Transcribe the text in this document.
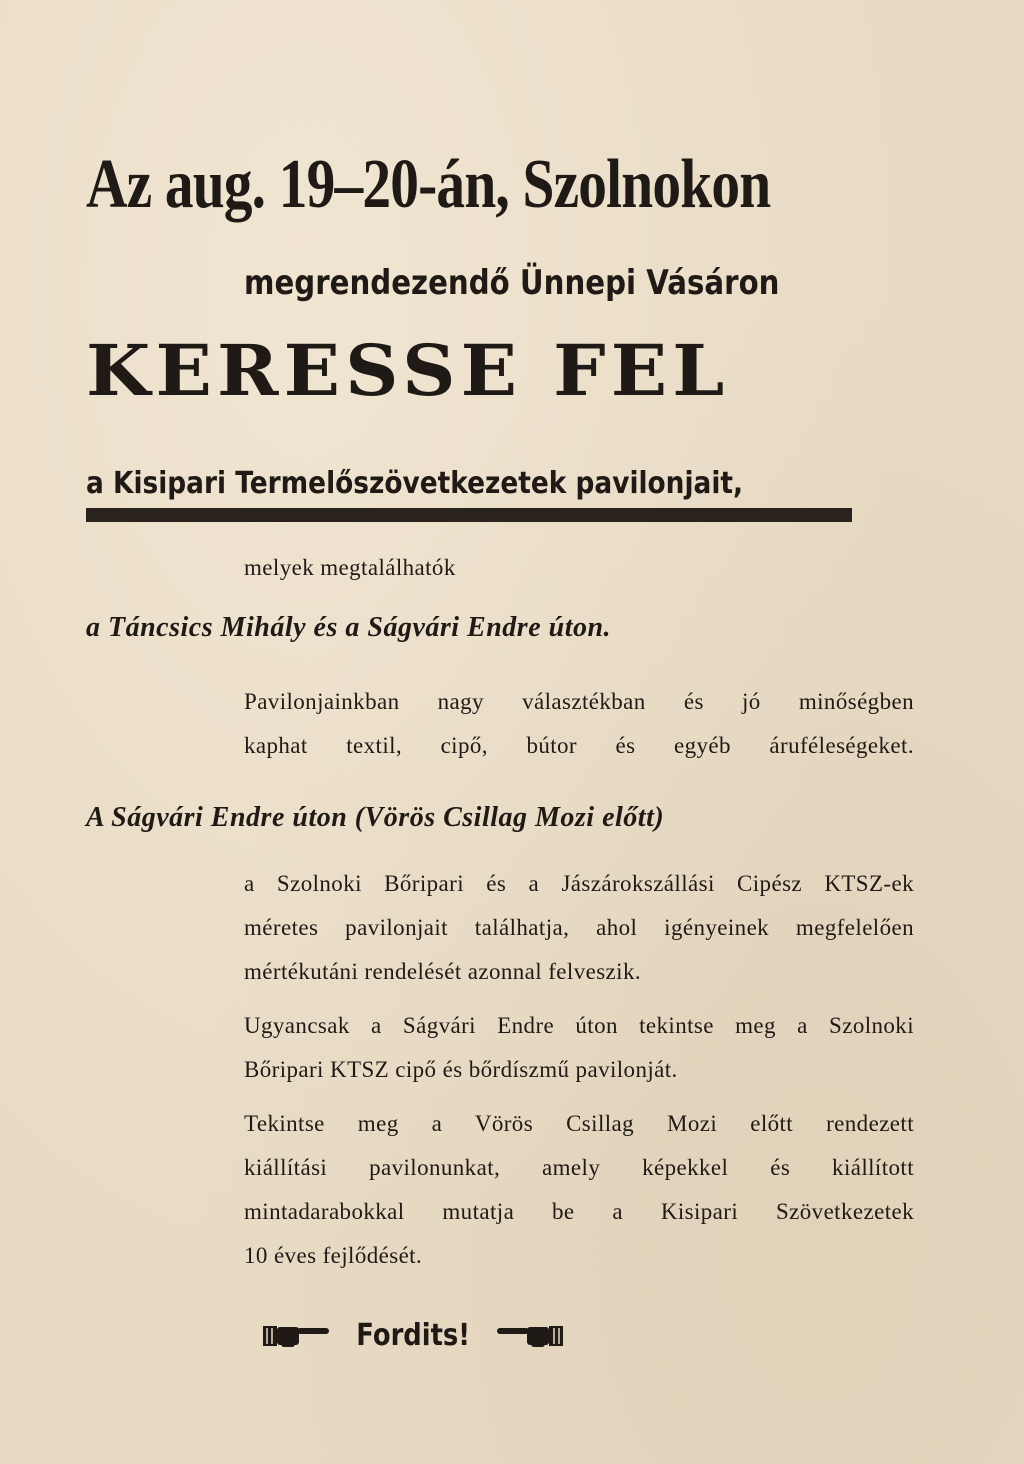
Az aug. 19–20-án, Szolnokon
megrendezendő Ünnepi Vásáron
KERESSE FEL
a Kisipari Termelőszövetkezetek pavilonjait,
melyek megtalálhatók
a Táncsics Mihály és a Ságvári Endre úton.
Pavilonjainkban nagy választékban és jó minőségben
kaphat textil, cipő, bútor és egyéb áruféleségeket.
A Ságvári Endre úton (Vörös Csillag Mozi előtt)
a Szolnoki Bőripari és a Jászárokszállási Cipész KTSZ-ek
méretes pavilonjait találhatja, ahol igényeinek megfelelően
mértékutáni rendelését azonnal felveszik.
Ugyancsak a Ságvári Endre úton tekintse meg a Szolnoki
Bőripari KTSZ cipő és bőrdíszmű pavilonját.
Tekintse meg a Vörös Csillag Mozi előtt rendezett
kiállítási pavilonunkat, amely képekkel és kiállított
mintadarabokkal mutatja be a Kisipari Szövetkezetek
10 éves fejlődését.
Fordits!
